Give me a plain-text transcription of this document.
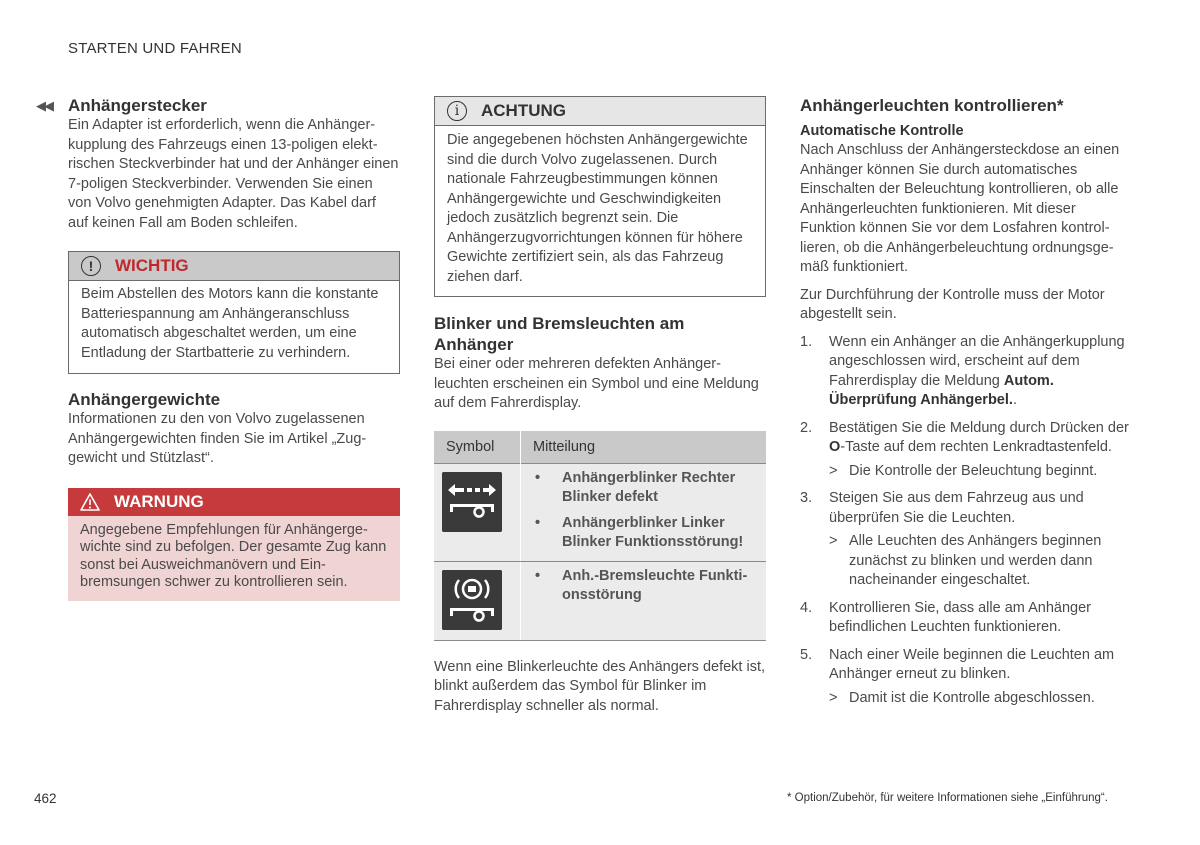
STARTEN UND FAHREN
◀◀ Anhängerstecker

Ein Adapter ist erforderlich, wenn die Anhängerkupplung des Fahrzeugs einen 13-poligen elektrischen Steckverbinder hat und der Anhänger einen 7-poligen Steckverbinder. Verwenden Sie einen von Volvo genehmigten Adapter. Das Kabel darf auf keinen Fall am Boden schleifen.

!	WICHTIG

Beim Abstellen des Motors kann die konstante Batteriespannung am Anhängeranschluss automatisch abgeschaltet werden, um eine Entladung der Startbatterie zu verhindern.

Anhängergewichte

Informationen zu den von Volvo zugelassenen Anhängergewichten finden Sie im Artikel „Zuggewicht und Stützlast“.

WARNUNG

Angegebene Empfehlungen für Anhängergewichte sind zu befolgen. Der gesamte Zug kann sonst bei Ausweichmanövern und Einbremsungen schwer zu kontrollieren sein.

i	ACHTUNG

Die angegebenen höchsten Anhängergewichte sind die durch Volvo zugelassenen. Durch nationale Fahrzeugbestimmungen können Anhängergewichte und Geschwindigkeiten jedoch zusätzlich begrenzt sein. Die Anhängerzugvorrichtungen können für höhere Gewichte zertifiziert sein, als das Fahrzeug ziehen darf.

Blinker und Bremsleuchten am Anhänger

Bei einer oder mehreren defekten Anhängerleuchten erscheinen ein Symbol und eine Meldung auf dem Fahrerdisplay.

Symbol	Mitteilung

• Anhängerblinker Rechter Blinker defekt
• Anhängerblinker Linker Blinker Funktionsstörung!

• Anh.-Bremsleuchte Funktionsstörung

Wenn eine Blinkerleuchte des Anhängers defekt ist, blinkt außerdem das Symbol für Blinker im Fahrerdisplay schneller als normal.

Anhängerleuchten kontrollieren*
Automatische Kontrolle

Nach Anschluss der Anhängersteckdose an einen Anhänger können Sie durch automatisches Einschalten der Beleuchtung kontrollieren, ob alle Anhängerleuchten funktionieren. Mit dieser Funktion können Sie vor dem Losfahren kontrollieren, ob die Anhängerbeleuchtung ordnungsgemäß funktioniert.

Zur Durchführung der Kontrolle muss der Motor abgestellt sein.

1.	Wenn ein Anhänger an die Anhängerkupplung angeschlossen wird, erscheint auf dem Fahrerdisplay die Meldung Autom. Überprüfung Anhängerbel..
2.	Bestätigen Sie die Meldung durch Drücken der O-Taste auf dem rechten Lenkradtastenfeld.
> Die Kontrolle der Beleuchtung beginnt.
3.	Steigen Sie aus dem Fahrzeug aus und überprüfen Sie die Leuchten.
> Alle Leuchten des Anhängers beginnen zunächst zu blinken und werden dann nacheinander eingeschaltet.
4.	Kontrollieren Sie, dass alle am Anhänger befindlichen Leuchten funktionieren.
5.	Nach einer Weile beginnen die Leuchten am Anhänger erneut zu blinken.
> Damit ist die Kontrolle abgeschlossen.
462	* Option/Zubehör, für weitere Informationen siehe „Einführung“.
